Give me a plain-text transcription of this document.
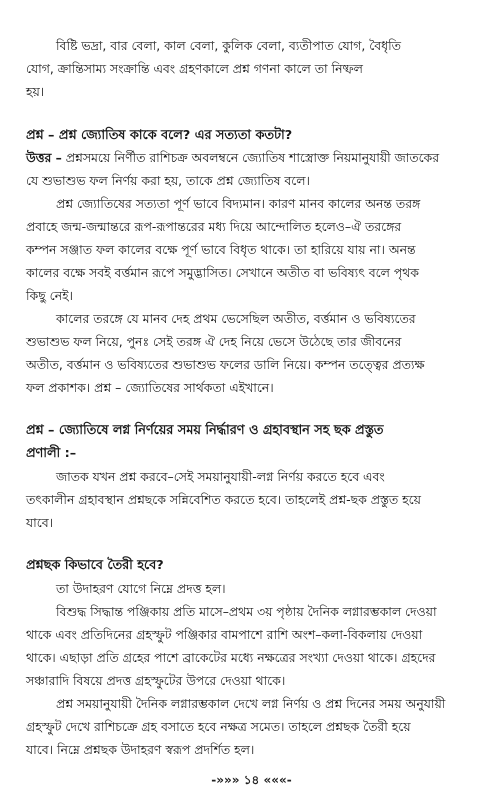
বিষ্টি ভদ্রা, বার বেলা, কাল বেলা, কুলিক বেলা, ব্যতীপাত যোগ, বৈধৃতি
যোগ, ক্রান্তিসাম্য সংক্রান্তি এবং গ্রহণকালে প্রশ্ন গণনা কালে তা নিষ্ফল
হয়।
প্রশ্ন – প্রশ্ন জ্যোতিষ কাকে বলে? এর সত্যতা কতটা?
উত্তর – প্রশ্নসময়ে নির্ণীত রাশিচক্র অবলম্বনে জ্যোতিষ শাস্ত্রোক্ত নিয়মানুযায়ী জাতকের
যে শুভাশুভ ফল নির্ণয় করা হয়, তাকে প্রশ্ন জ্যোতিষ বলে।
প্রশ্ন জ্যোতিষের সত্যতা পূর্ণ ভাবে বিদ্যমান। কারণ মানব কালের অনন্ত তরঙ্গ
প্রবাহে জন্ম-জন্মান্তরে রূপ-রূপান্তরের মধ্য দিয়ে আন্দোলিত হলেও–ঐ তরঙ্গের
কম্পন সঞ্জাত ফল কালের বক্ষে পূর্ণ ভাবে বিধৃত থাকে। তা হারিয়ে যায় না। অনন্ত
কালের বক্ষে সবই বর্ত্তমান রূপে সমুদ্ভাসিত। সেখানে অতীত বা ভবিষ্যৎ বলে পৃথক
কিছু নেই।
কালের তরঙ্গে যে মানব দেহ প্রথম ভেসেছিল অতীত, বর্ত্তমান ও ভবিষ্যতের
শুভাশুভ ফল নিয়ে, পুনঃ সেই তরঙ্গ ঐ দেহ নিয়ে ভেসে উঠেছে তার জীবনের
অতীত, বর্ত্তমান ও ভবিষ্যতের শুভাশুভ ফলের ডালি নিয়ে। কম্পন তত্ত্বের প্রত্যক্ষ
ফল প্রকাশক। প্রশ্ন – জ্যোতিষের সার্থকতা এইখানে।
প্রশ্ন – জ্যোতিষে লগ্ন নির্ণয়ের সময় নির্দ্ধারণ ও গ্রহাবস্থান সহ ছক প্রস্তুত
প্রণালী :–
জাতক যখন প্রশ্ন করবে–সেই সময়ানুযায়ী-লগ্ন নির্ণয় করতে হবে এবং
তৎকালীন গ্রহাবস্থান প্রশ্নছকে সন্নিবেশিত করতে হবে। তাহলেই প্রশ্ন-ছক প্রস্তুত হয়ে
যাবে।
প্রশ্নছক কিভাবে তৈরী হবে?
তা উদাহরণ যোগে নিম্নে প্রদত্ত হল।
বিশুদ্ধ সিদ্ধান্ত পঞ্জিকায় প্রতি মাসে–প্রথম ৩য় পৃষ্ঠায় দৈনিক লগ্নারম্ভকাল দেওয়া
থাকে এবং প্রতিদিনের গ্রহস্ফুট পঞ্জিকার বামপাশে রাশি অংশ–কলা-বিকলায় দেওয়া
থাকে। এছাড়া প্রতি গ্রহের পাশে ব্রাকেটের মধ্যে নক্ষত্রের সংখ্যা দেওয়া থাকে। গ্রহদের
সঞ্চারাদি বিষয়ে প্রদত্ত গ্রহস্ফুটের উপরে দেওয়া থাকে।
প্রশ্ন সময়ানুযায়ী দৈনিক লগ্নারম্ভকাল দেখে লগ্ন নির্ণয় ও প্রশ্ন দিনের সময় অনুযায়ী
গ্রহস্ফুট দেখে রাশিচক্রে গ্রহ বসাতে হবে নক্ষত্র সমেত। তাহলে প্রশ্নছক তৈরী হয়ে
যাবে। নিম্নে প্রশ্নছক উদাহরণ স্বরূপ প্রদর্শিত হল।
-»»» ১৪ «««-
